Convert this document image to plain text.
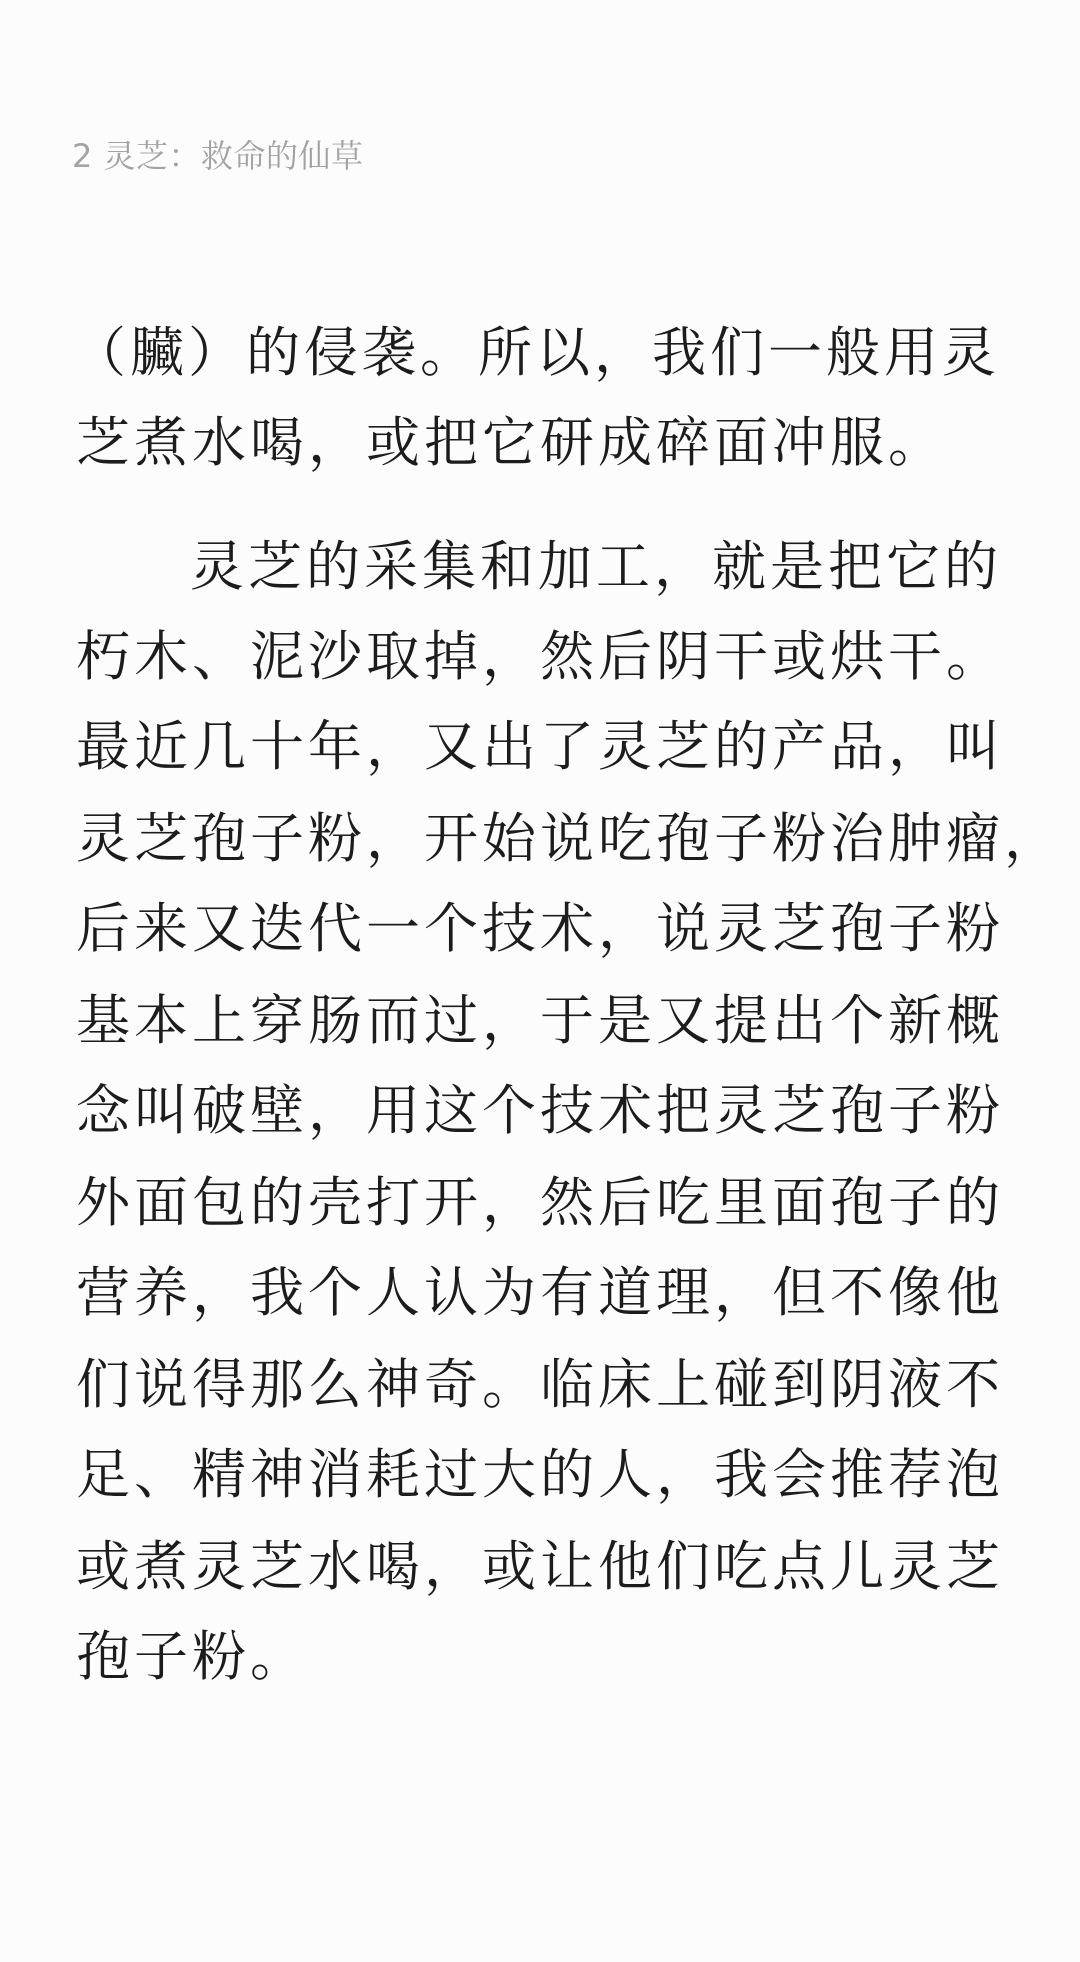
2 灵芝：救命的仙草
（臟）的侵袭。所以，我们一般用灵
芝煮水喝，或把它研成碎面冲服。
灵芝的采集和加工，就是把它的
朽木、泥沙取掉，然后阴干或烘干。
最近几十年，又出了灵芝的产品，叫
灵芝孢子粉，开始说吃孢子粉治肿瘤，
后来又迭代一个技术，说灵芝孢子粉
基本上穿肠而过，于是又提出个新概
念叫破壁，用这个技术把灵芝孢子粉
外面包的壳打开，然后吃里面孢子的
营养，我个人认为有道理，但不像他
们说得那么神奇。临床上碰到阴液不
足、精神消耗过大的人，我会推荐泡
或煮灵芝水喝，或让他们吃点儿灵芝
孢子粉。
